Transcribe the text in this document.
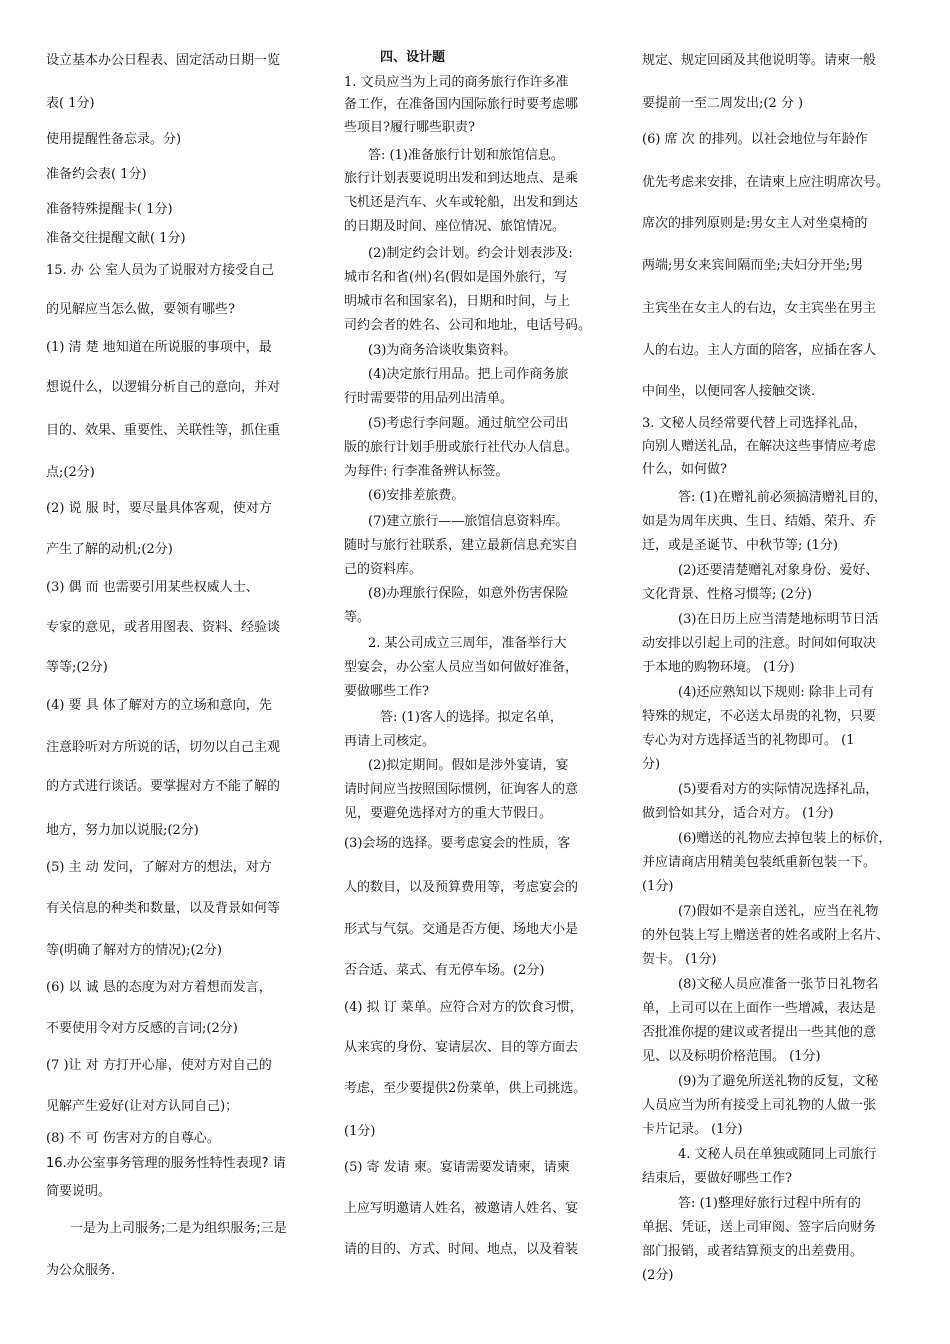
设立基本办公日程表、固定活动日期一览
表( 1分)
使用提醒性备忘录。分)
准备约会表( 1分)
准备特殊提醒卡( 1分)
准备交往提醒文献( 1分)
15. 办 公 室人员为了说服对方接受自己
的见解应当怎么做，要领有哪些?
(1) 清 楚 地知道在所说服的事项中，最
想说什么，以逻辑分析自己的意向，并对
目的、效果、重要性、关联性等，抓住重
点;(2分)
(2) 说 服 时，要尽量具体客观，使对方
产生了解的动机;(2分)
(3) 偶 而 也需要引用某些权威人士、
专家的意见，或者用图表、资料、经验谈
等等;(2分)
(4) 要 具 体了解对方的立场和意向，先
注意聆听对方所说的话，切勿以自己主观
的方式进行谈话。要掌握对方不能了解的
地方，努力加以说服;(2分)
(5) 主 动 发问，了解对方的想法，对方
有关信息的种类和数量，以及背景如何等
等(明确了解对方的情况);(2分)
(6) 以 诚 恳的态度为对方着想而发言，
不要使用令对方反感的言词;(2分)
(7 )让 对 方打开心扉，使对方对自己的
见解产生爱好(让对方认同自己)；
(8) 不 可 伤害对方的自尊心。
16.办公室事务管理的服务性特性表现? 请
简要说明。
一是为上司服务;二是为组织服务;三是
为公众服务.
四、设计题
1. 文员应当为上司的商务旅行作许多准
备工作，在准备国内国际旅行时要考虑哪
些项目?履行哪些职责?
答: (1)准备旅行计划和旅馆信息。
旅行计划表要说明出发和到达地点、是乘
飞机还是汽车、火车或轮船，出发和到达
的日期及时间、座位情况、旅馆情况。
(2)制定约会计划。约会计划表涉及:
城市名和省(州)名(假如是国外旅行，写
明城市名和国家名)，日期和时间，与上
司约会者的姓名、公司和地址，电话号码。
(3)为商务洽谈收集资料。
(4)决定旅行用品。把上司作商务旅
行时需要带的用品列出清单。
(5)考虑行李问题。通过航空公司出
版的旅行计划手册或旅行社代办人信息。
为每件: 行李准备辨认标签。
(6)安排差旅费。
(7)建立旅行——旅馆信息资料库。
随时与旅行社联系，建立最新信息充实自
己的资料库。
(8)办理旅行保险，如意外伤害保险
等。
2. 某公司成立三周年，准备举行大
型宴会，办公室人员应当如何做好准备，
要做哪些工作?
答: (1)客人的选择。拟定名单，
再请上司核定。
(2)拟定期间。假如是涉外宴请，宴
请时间应当按照国际惯例，征询客人的意
见，要避免选择对方的重大节假日。
(3)会场的选择。要考虑宴会的性质，客
人的数目，以及预算费用等，考虑宴会的
形式与气氛。交通是否方便、场地大小是
否合适、菜式、有无停车场。(2分)
(4) 拟 订 菜单。应符合对方的饮食习惯，
从来宾的身份、宴请层次、目的等方面去
考虑，至少要提供2份菜单，供上司挑选。
(1分)
(5) 寄 发请 柬。宴请需要发请柬，请柬
上应写明邀请人姓名，被邀请人姓名、宴
请的目的、方式、时间、地点，以及着装
规定、规定回函及其他说明等。请柬一般
要提前一至二周发出;(2 分 )
(6) 席 次 的排列。以社会地位与年龄作
优先考虑来安排，在请柬上应注明席次号。
席次的排列原则是:男女主人对坐桌椅的
两端;男女来宾间隔而坐;夫妇分开坐;男
主宾坐在女主人的右边，女主宾坐在男主
人的右边。主人方面的陪客，应插在客人
中间坐，以便同客人接触交谈.
3. 文秘人员经常要代替上司选择礼品，
向别人赠送礼品，在解决这些事情应考虑
什么，如何做?
答: (1)在赠礼前必须搞清赠礼目的，
如是为周年庆典、生日、结婚、荣升、乔
迁，或是圣诞节、中秋节等; (1分)
(2)还要清楚赠礼对象身份、爱好、
文化背景、性格习惯等; (2分)
(3)在日历上应当清楚地标明节日活
动安排以引起上司的注意。时间如何取决
于本地的购物环境。 (1分)
(4)还应熟知以下规则: 除非上司有
特殊的规定，不必送太昂贵的礼物，只要
专心为对方选择适当的礼物即可。 (1
分)
(5)要看对方的实际情况选择礼品，
做到恰如其分，适合对方。 (1分)
(6)赠送的礼物应去掉包装上的标价，
并应请商店用精美包装纸重新包装一下。
(1分)
(7)假如不是亲自送礼，应当在礼物
的外包装上写上赠送者的姓名或附上名片、
贺卡。 (1分)
(8)文秘人员应准备一张节日礼物名
单，上司可以在上面作一些增减，表达是
否批准你提的建议或者提出一些其他的意
见、以及标明价格范围。 (1分)
(9)为了避免所送礼物的反复，文秘
人员应当为所有接受上司礼物的人做一张
卡片记录。 (1分)
4. 文秘人员在单独或随同上司旅行
结束后，要做好哪些工作?
答: (1)整理好旅行过程中所有的
单据、凭证，送上司审阅、签字后向财务
部门报销，或者结算预支的出差费用。
(2分)
